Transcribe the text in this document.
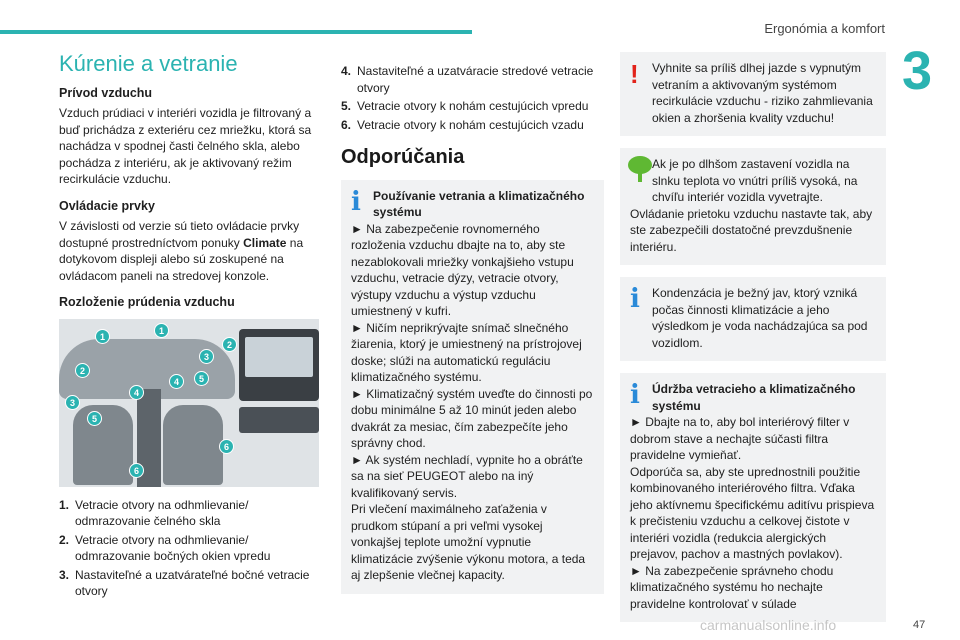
Ergonómia a komfort
3
Kúrenie a vetranie
Prívod vzduchu

Vzduch prúdiaci v interiéri vozidla je filtrovaný a buď prichádza z exteriéru cez mriežku, ktorá sa nachádza v spodnej časti čelného skla, alebo pochádza z interiéru, ak je aktivovaný režim recirkulácie vzduchu.

Ovládacie prvky

V závislosti od verzie sú tieto ovládacie prvky dostupné prostredníctvom ponuky Climate na dotykovom displeji alebo sú zoskupené na ovládacom paneli na stredovej konzole.

Rozloženie prúdenia vzduchu
1
1
2
3
5
4
4
2
3
5
6
6
1. Vetracie otvory na odhmlievanie/ odmrazovanie čelného skla
2. Vetracie otvory na odhmlievanie/ odmrazovanie bočných okien vpredu
3. Nastaviteľné a uzatvárateľné bočné vetracie otvory
4. Nastaviteľné a uzatváracie stredové vetracie otvory
5. Vetracie otvory k nohám cestujúcich vpredu
6. Vetracie otvory k nohám cestujúcich vzadu
Odporúčania
i	Používanie vetrania a klimatizačného systému

► Na zabezpečenie rovnomerného rozloženia vzduchu dbajte na to, aby ste nezablokovali mriežky vonkajšieho vstupu vzduchu, vetracie dýzy, vetracie otvory, výstupy vzduchu a výstup vzduchu umiestnený v kufri.

► Ničím neprikrývajte snímač slnečného žiarenia, ktorý je umiestnený na prístrojovej doske; slúži na automatickú reguláciu klimatizačného systému.

► Klimatizačný systém uveďte do činnosti po dobu minimálne 5 až 10 minút jeden alebo dvakrát za mesiac, čím zabezpečíte jeho správny chod.

► Ak systém nechladí, vypnite ho a obráťte sa na sieť PEUGEOT alebo na iný kvalifikovaný servis.

Pri vlečení maximálneho zaťaženia v prudkom stúpaní a pri veľmi vysokej vonkajšej teplote umožní vypnutie klimatizácie zvýšenie výkonu motora, a teda aj zlepšenie vlečnej kapacity.

!	Vyhnite sa príliš dlhej jazde s vypnutým vetraním a aktivovaným systémom recirkulácie vzduchu - riziko zahmlievania okien a zhoršenia kvality vzduchu!

Ak je po dlhšom zastavení vozidla na slnku teplota vo vnútri príliš vysoká, na chvíľu interiér vozidla vyvetrajte.

Ovládanie prietoku vzduchu nastavte tak, aby ste zabezpečili dostatočné prevzdušnenie interiéru.

i	Kondenzácia je bežný jav, ktorý vzniká počas činnosti klimatizácie a jeho výsledkom je voda nachádzajúca sa pod vozidlom.

i	Údržba vetracieho a klimatizačného systému

► Dbajte na to, aby bol interiérový filter v dobrom stave a nechajte súčasti filtra pravidelne vymieňať.

Odporúča sa, aby ste uprednostnili použitie kombinovaného interiérového filtra. Vďaka jeho aktívnemu špecifickému aditívu prispieva k prečisteniu vzduchu a celkovej čistote v interiéri vozidla (redukcia alergických prejavov, pachov a mastných povlakov).

► Na zabezpečenie správneho chodu klimatizačného systému ho nechajte pravidelne kontrolovať v súlade

carmanualsonline.info	47
